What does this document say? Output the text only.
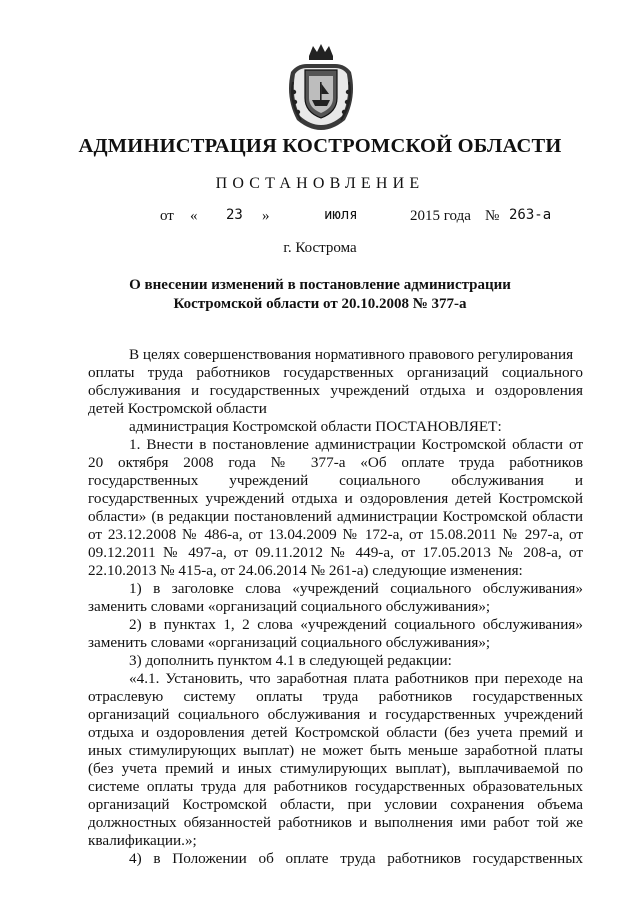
АДМИНИСТРАЦИЯ КОСТРОМСКОЙ ОБЛАСТИ
ПОСТАНОВЛЕНИЕ
от « 23 »	июля	2015 года № 263-а
г. Кострома
О внесении изменений в постановление администрации
Костромской области от 20.10.2008 № 377-а
В целях совершенствования нормативного правового регулирования
оплаты труда работников государственных организаций социального
обслуживания и государственных учреждений отдыха и оздоровления
детей Костромской области
администрация Костромской области ПОСТАНОВЛЯЕТ:
1. Внести в постановление администрации Костромской области от
20 октября 2008 года № 377-а «Об оплате труда работников
государственных учреждений социального обслуживания и
государственных учреждений отдыха и оздоровления детей Костромской
области» (в редакции постановлений администрации Костромской области
от 23.12.2008 № 486-а, от 13.04.2009 № 172-а, от 15.08.2011 № 297-а, от
09.12.2011 № 497-а, от 09.11.2012 № 449-а, от 17.05.2013 № 208-а, от
22.10.2013 № 415-а, от 24.06.2014 № 261-а) следующие изменения:
1) в заголовке слова «учреждений социального обслуживания»
заменить словами «организаций социального обслуживания»;
2) в пунктах 1, 2 слова «учреждений социального обслуживания»
заменить словами «организаций социального обслуживания»;
3) дополнить пунктом 4.1 в следующей редакции:
«4.1. Установить, что заработная плата работников при переходе на
отраслевую систему оплаты труда работников государственных
организаций социального обслуживания и государственных учреждений
отдыха и оздоровления детей Костромской области (без учета премий и
иных стимулирующих выплат) не может быть меньше заработной платы
(без учета премий и иных стимулирующих выплат), выплачиваемой по
системе оплаты труда для работников государственных образовательных
организаций Костромской области, при условии сохранения объема
должностных обязанностей работников и выполнения ими работ той же
квалификации.»;
4) в Положении об оплате труда работников государственных
